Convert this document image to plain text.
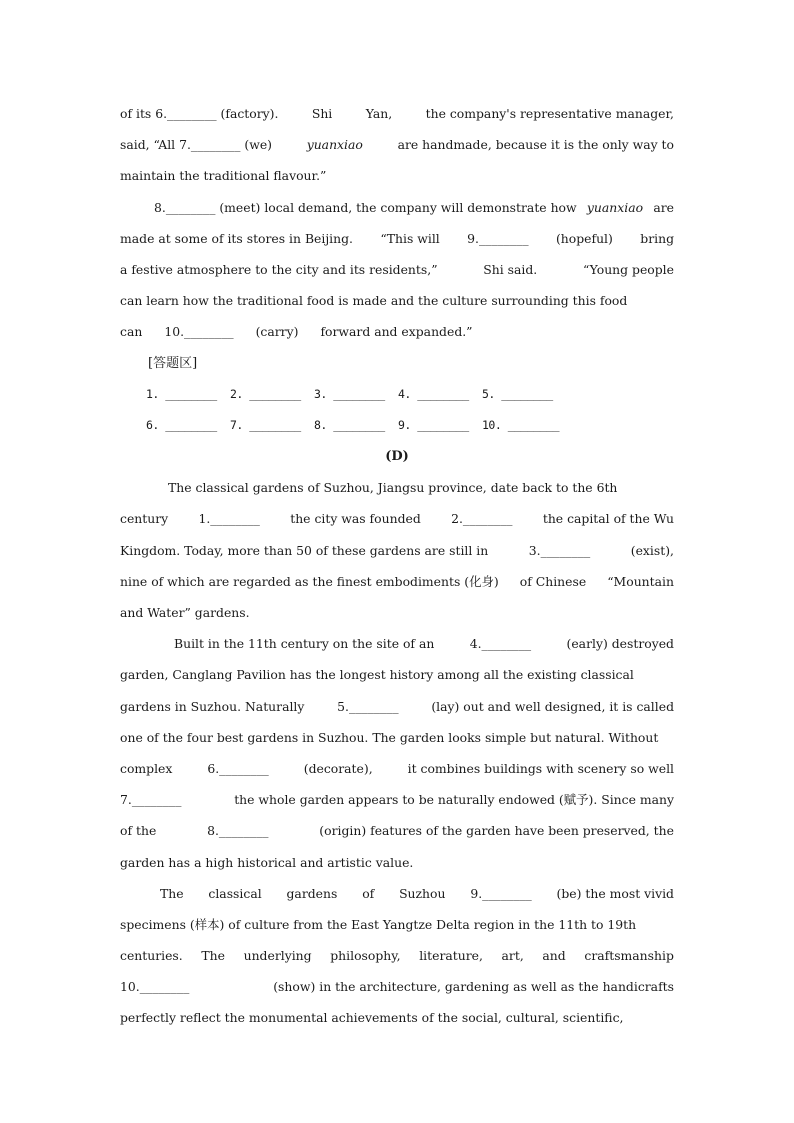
of its 6.________ (factory).	Shi	Yan,	the company's representative manager,
said, “All 7.________ (we)	yuanxiao	are handmade, because it is the only way to
maintain the traditional flavour.”
8.________ (meet) local demand, the company will demonstrate how yuanxiao are
made at some of its stores in Beijing. “This will 9.________ (hopeful) bring
a festive atmosphere to the city and its residents,”	Shi said.	“Young people
can learn how the traditional food is made and the culture surrounding this food
can 10.________ (carry) forward and expanded.”
[答题区]
1. ________	2. ________	3. ________	4. ________	5. ________
6. ________	7. ________	8. ________	9. ________	10. ________
(D)
The classical gardens of Suzhou, Jiangsu province, date back to the 6th
century 1.________ the city was founded 2.________ the capital of the Wu
Kingdom. Today, more than 50 of these gardens are still in	3.________	(exist),
nine of which are regarded as the finest embodiments (化身) of Chinese “Mountain
and Water” gardens.
Built in the 11th century on the site of an	4.________	(early) destroyed
garden, Canglang Pavilion has the longest history among all the existing classical
gardens in Suzhou. Naturally	5.________	(lay) out and well designed, it is called
one of the four best gardens in Suzhou. The garden looks simple but natural. Without
complex	6.________	(decorate),	it combines buildings with scenery so well
7.________	the whole garden appears to be naturally endowed (赋予). Since many
of the	8.________	(origin) features of the garden have been preserved, the
garden has a high historical and artistic value.
The classical gardens of Suzhou 9.________ (be) the most vivid
specimens (样本) of culture from the East Yangtze Delta region in the 11th to 19th
centuries. The underlying philosophy, literature, art, and craftsmanship
10.________	(show) in the architecture, gardening as well as the handicrafts
perfectly reflect the monumental achievements of the social, cultural, scientific,
